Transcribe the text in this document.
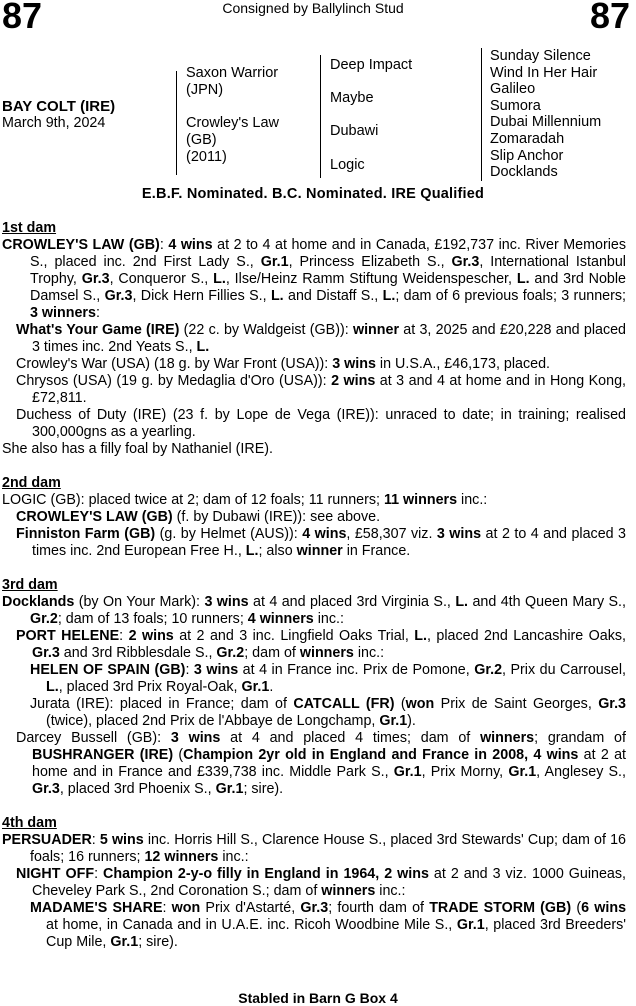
87	Consigned by Ballylinch Stud	87
BAY COLT (IRE)
March 9th, 2024
Saxon Warrior
(JPN)
Crowley's Law
(GB)
(2011)
Deep Impact
Maybe
Dubawi
Logic
Sunday Silence
Wind In Her Hair
Galileo
Sumora
Dubai Millennium
Zomaradah
Slip Anchor
Docklands
E.B.F. Nominated. B.C. Nominated. IRE Qualified
1st dam

CROWLEY'S LAW (GB): 4 wins at 2 to 4 at home and in Canada, £192,737 inc. River Memories S., placed inc. 2nd First Lady S., Gr.1, Princess Elizabeth S., Gr.3, International Istanbul Trophy, Gr.3, Conqueror S., L., Ilse/Heinz Ramm Stiftung Weidenspescher, L. and 3rd Noble Damsel S., Gr.3, Dick Hern Fillies S., L. and Distaff S., L.; dam of 6 previous foals; 3 runners; 3 winners:

What's Your Game (IRE) (22 c. by Waldgeist (GB)): winner at 3, 2025 and £20,228 and placed 3 times inc. 2nd Yeats S., L.

Crowley's War (USA) (18 g. by War Front (USA)): 3 wins in U.S.A., £46,173, placed.

Chrysos (USA) (19 g. by Medaglia d'Oro (USA)): 2 wins at 3 and 4 at home and in Hong Kong, £72,811.

Duchess of Duty (IRE) (23 f. by Lope de Vega (IRE)): unraced to date; in training; realised 300,000gns as a yearling.

She also has a filly foal by Nathaniel (IRE).

2nd dam

LOGIC (GB): placed twice at 2; dam of 12 foals; 11 runners; 11 winners inc.:

CROWLEY'S LAW (GB) (f. by Dubawi (IRE)): see above.

Finniston Farm (GB) (g. by Helmet (AUS)): 4 wins, £58,307 viz. 3 wins at 2 to 4 and placed 3 times inc. 2nd European Free H., L.; also winner in France.

3rd dam

Docklands (by On Your Mark): 3 wins at 4 and placed 3rd Virginia S., L. and 4th Queen Mary S., Gr.2; dam of 13 foals; 10 runners; 4 winners inc.:

PORT HELENE: 2 wins at 2 and 3 inc. Lingfield Oaks Trial, L., placed 2nd Lancashire Oaks, Gr.3 and 3rd Ribblesdale S., Gr.2; dam of winners inc.:

HELEN OF SPAIN (GB): 3 wins at 4 in France inc. Prix de Pomone, Gr.2, Prix du Carrousel, L., placed 3rd Prix Royal-Oak, Gr.1.

Jurata (IRE): placed in France; dam of CATCALL (FR) (won Prix de Saint Georges, Gr.3 (twice), placed 2nd Prix de l'Abbaye de Longchamp, Gr.1).

Darcey Bussell (GB): 3 wins at 4 and placed 4 times; dam of winners; grandam of BUSHRANGER (IRE) (Champion 2yr old in England and France in 2008, 4 wins at 2 at home and in France and £339,738 inc. Middle Park S., Gr.1, Prix Morny, Gr.1, Anglesey S., Gr.3, placed 3rd Phoenix S., Gr.1; sire).

4th dam

PERSUADER: 5 wins inc. Horris Hill S., Clarence House S., placed 3rd Stewards' Cup; dam of 16 foals; 16 runners; 12 winners inc.:

NIGHT OFF: Champion 2-y-o filly in England in 1964, 2 wins at 2 and 3 viz. 1000 Guineas, Cheveley Park S., 2nd Coronation S.; dam of winners inc.:

MADAME'S SHARE: won Prix d'Astarté, Gr.3; fourth dam of TRADE STORM (GB) (6 wins at home, in Canada and in U.A.E. inc. Ricoh Woodbine Mile S., Gr.1, placed 3rd Breeders' Cup Mile, Gr.1; sire).

Stabled in Barn G Box 4
